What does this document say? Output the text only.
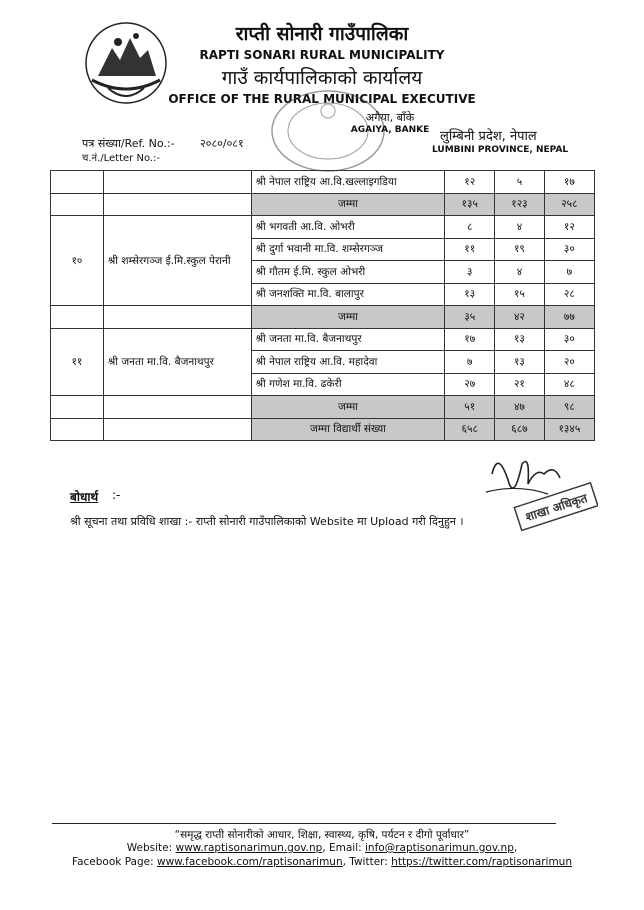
राप्ती सोनारी गाउँपालिका
RAPTI SONARI RURAL MUNICIPALITY
गाउँ कार्यपालिकाको कार्यालय
OFFICE OF THE RURAL MUNICIPAL EXECUTIVE
अगैया, बाँके
AGAIYA, BANKE लुम्बिनी प्रदेश, नेपाल
LUMBINI PROVINCE, NEPAL
पत्र संख्या/Ref. No.:- २०८०/०८१
च.नं./Letter No.:-
		श्री नेपाल राष्ट्रिय आ.वि.खल्लाइगडिया	१२	५	१७
		जम्मा	१३५	१२३	२५८
१०	श्री शम्सेरगञ्ज ई.मि.स्कुल पेरानी	श्री भगवती आ.वि. ओभरी	८	४	१२
		श्री दुर्गा भवानी मा.वि. शम्सेरगञ्ज	११	१९	३०
		श्री गौतम ई.मि. स्कुल ओभरी	३	४	७
		श्री जनशक्ति मा.वि. बालापुर	१३	१५	२८
		जम्मा	३५	४२	७७
११	श्री जनता मा.वि. बैजनाथपुर	श्री जनता मा.वि. बैजनाथपुर	१७	१३	३०
		श्री नेपाल राष्ट्रिय आ.वि. महादेवा	७	१३	२०
		श्री गणेश मा.वि. ढकेरी	२७	२१	४८
		जम्मा	५१	४७	९८
		जम्मा विद्यार्थी संख्या	६५८	६८७	१३४५
शाखा अधिकृत
बोधार्थ :-
श्री सूचना तथा प्रविधि शाखा :- राप्ती सोनारी गाउँपालिकाको Website मा Upload गरी दिनुहुन ।
“समृद्ध राप्ती सोनारीको आधार, शिक्षा, स्वास्थ्य, कृषि, पर्यटन र दीगो पूर्वाधार”
Website: www.raptisonarimun.gov.np, Email: info@raptisonarimun.gov.np,
Facebook Page: www.facebook.com/raptisonarimun, Twitter: https://twitter.com/raptisonarimun
